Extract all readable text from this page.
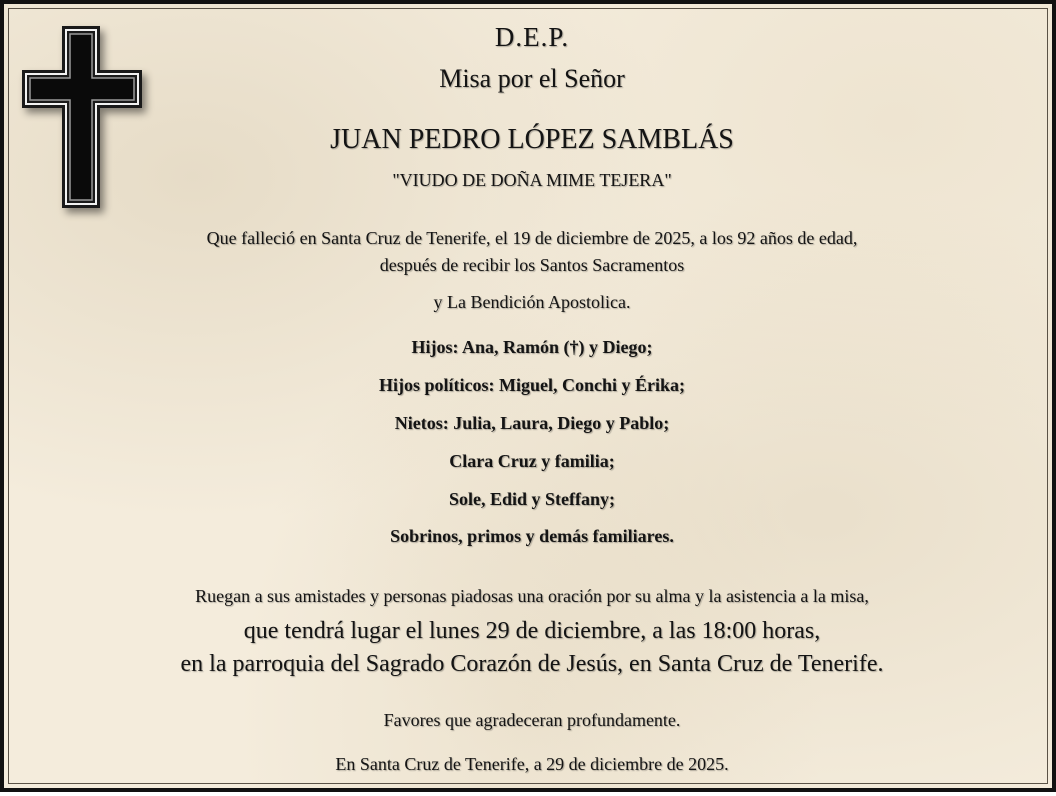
D.E.P.
Misa por el Señor
JUAN PEDRO LÓPEZ SAMBLÁS
"VIUDO DE DOÑA MIME TEJERA"
Que falleció en Santa Cruz de Tenerife, el 19 de diciembre de 2025, a los 92 años de edad,
después de recibir los Santos Sacramentos
y La Bendición Apostolica.
Hijos: Ana, Ramón (†) y Diego;
Hijos políticos: Miguel, Conchi y Érika;
Nietos: Julia, Laura, Diego y Pablo;
Clara Cruz y familia;
Sole, Edid y Steffany;
Sobrinos, primos y demás familiares.
Ruegan a sus amistades y personas piadosas una oración por su alma y la asistencia a la misa,
que tendrá lugar el lunes 29 de diciembre, a las 18:00 horas,
en la parroquia del Sagrado Corazón de Jesús, en Santa Cruz de Tenerife.
Favores que agradeceran profundamente.
En Santa Cruz de Tenerife, a 29 de diciembre de 2025.
